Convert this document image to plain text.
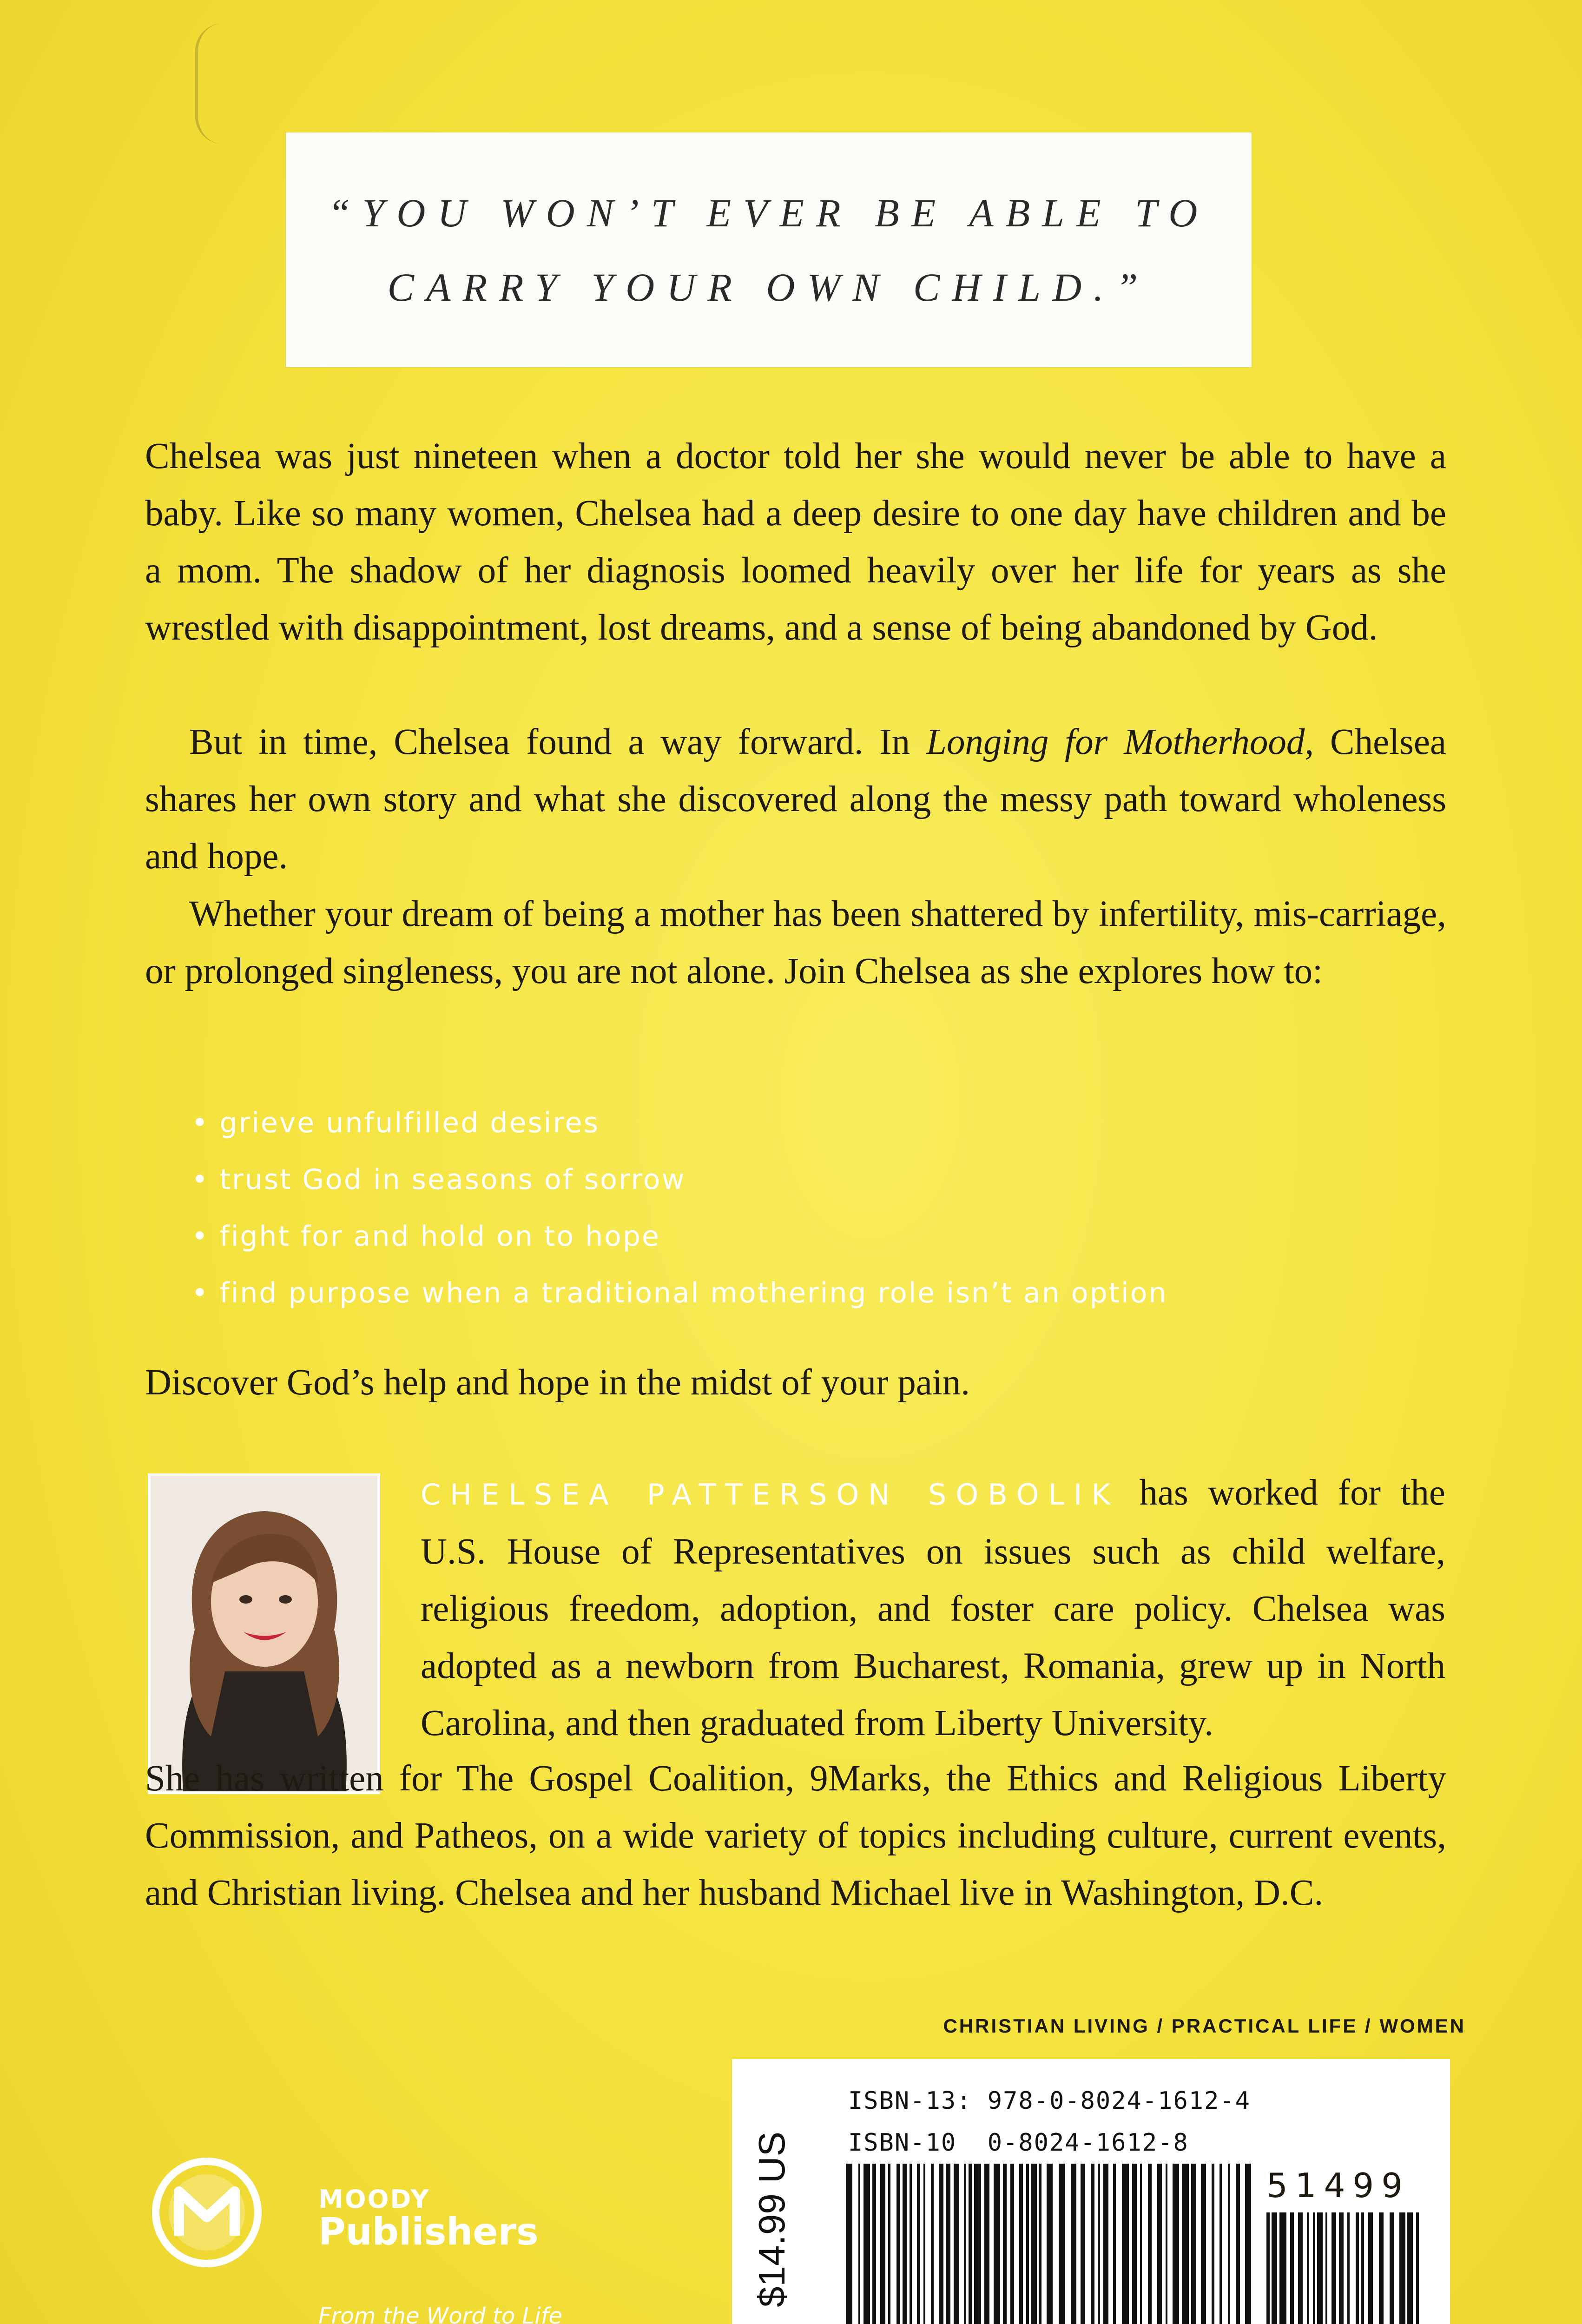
“YOU WON’T EVER BE ABLE TO
CARRY YOUR OWN CHILD.”

Chelsea was just nineteen when a doctor told her she would never be able to have a baby. Like so many women, Chelsea had a deep desire to one day have children and be a mom. The shadow of her diagnosis loomed heavily over her life for years as she wrestled with disappointment, lost dreams, and a sense of being abandoned by God.

But in time, Chelsea found a way forward. In Longing for Motherhood, Chelsea shares her own story and what she discovered along the messy path toward wholeness and hope.

Whether your dream of being a mother has been shattered by infertility, mis-carriage, or prolonged singleness, you are not alone. Join Chelsea as she explores how to:

• grieve unfulfilled desires
• trust God in seasons of sorrow
• fight for and hold on to hope
• find purpose when a traditional mothering role isn’t an option
Discover God’s help and hope in the midst of your pain.
CHELSEA PATTERSON SOBOLIK has worked for the U.S. House of Representatives on issues such as child welfare, religious freedom, adoption, and foster care policy. Chelsea was adopted as a newborn from Bucharest, Romania, grew up in North Carolina, and then graduated from Liberty University.
She has written for The Gospel Coalition, 9Marks, the Ethics and Religious Liberty Commission, and Patheos, on a wide variety of topics including culture, current events, and Christian living. Chelsea and her husband Michael live in Washington, D.C.
CHRISTIAN LIVING / PRACTICAL LIFE / WOMEN
$14.99 US
ISBN-13: 978-0-8024-1612-4
ISBN-10  0-8024-1612-8
51499
MOODY
Publishers
From the Word to Life
